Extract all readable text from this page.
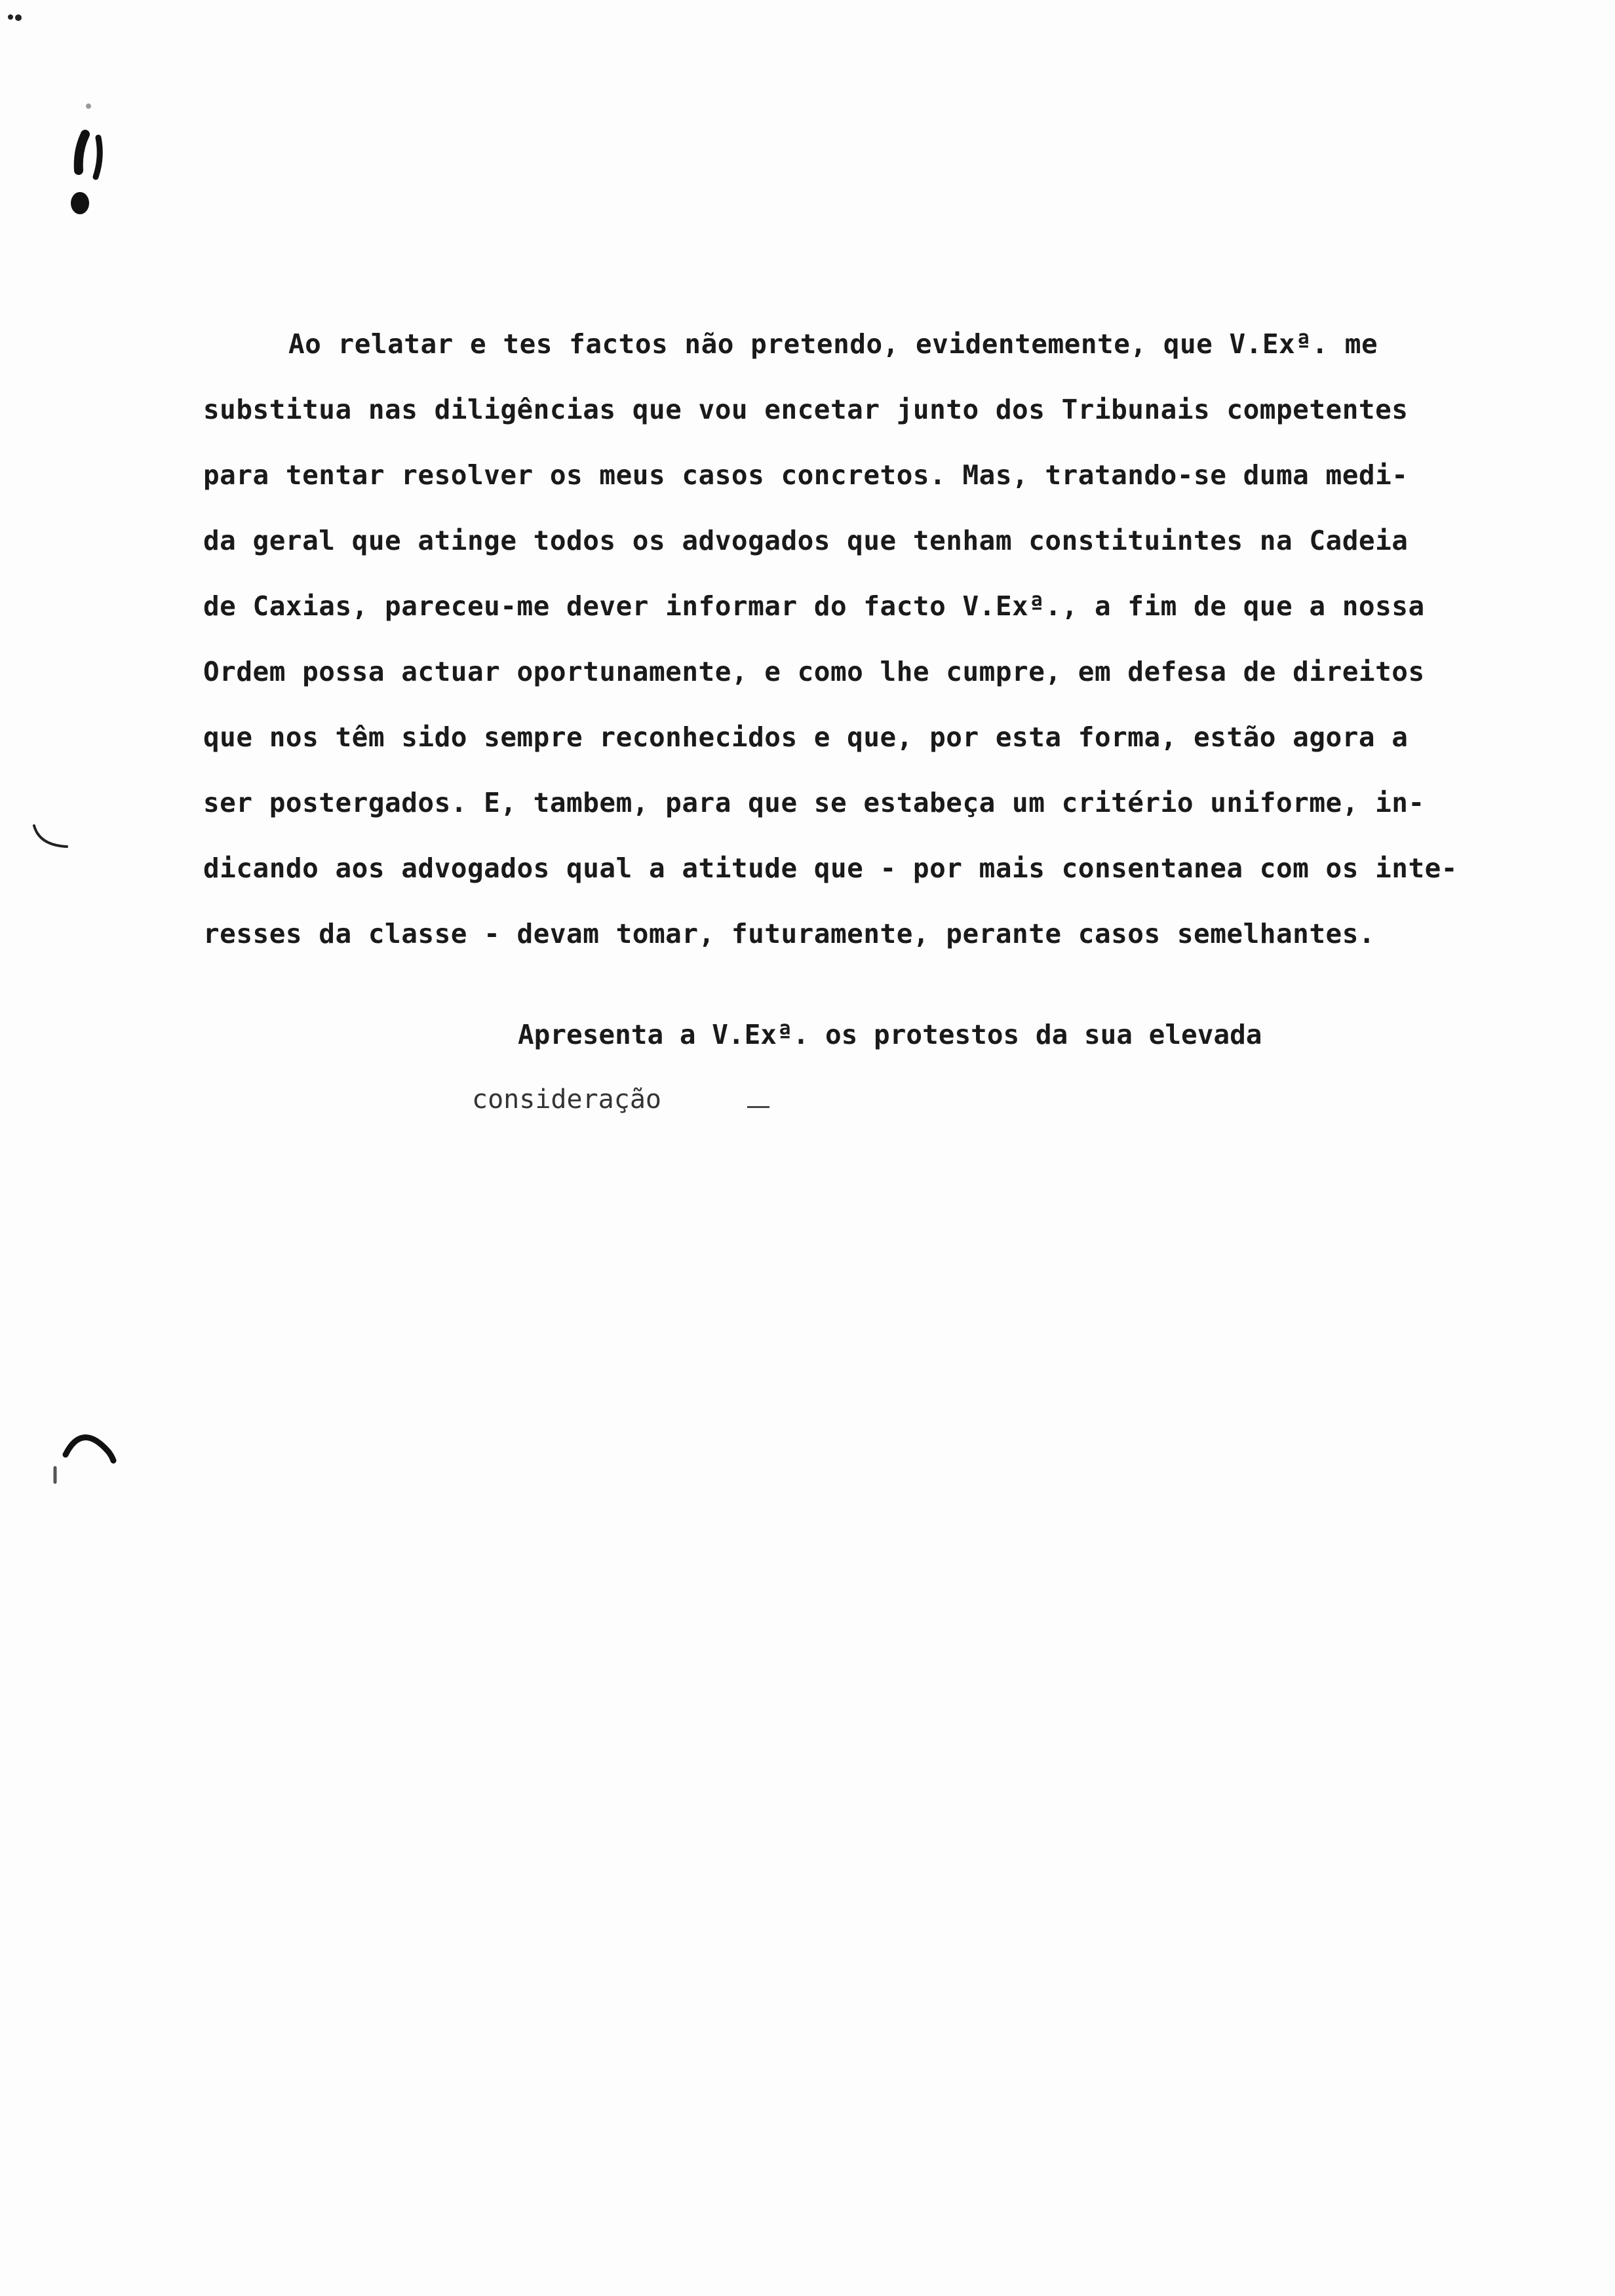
Ao relatar e tes factos não pretendo, evidentemente, que V.Exª. me
substitua nas diligências que vou encetar junto dos Tribunais competentes
para tentar resolver os meus casos concretos. Mas, tratando-se duma medi-
da geral que atinge todos os advogados que tenham constituintes na Cadeia
de Caxias, pareceu-me dever informar do facto V.Exª., a fim de que a nossa
Ordem possa actuar oportunamente, e como lhe cumpre, em defesa de direitos
que nos têm sido sempre reconhecidos e que, por esta forma, estão agora a
ser postergados. E, tambem, para que se estabeça um critério uniforme, in-
dicando aos advogados qual a atitude que - por mais consentanea com os inte-
resses da classe - devam tomar, futuramente, perante casos semelhantes.
Apresenta a V.Exª. os protestos da sua elevada
consideração
